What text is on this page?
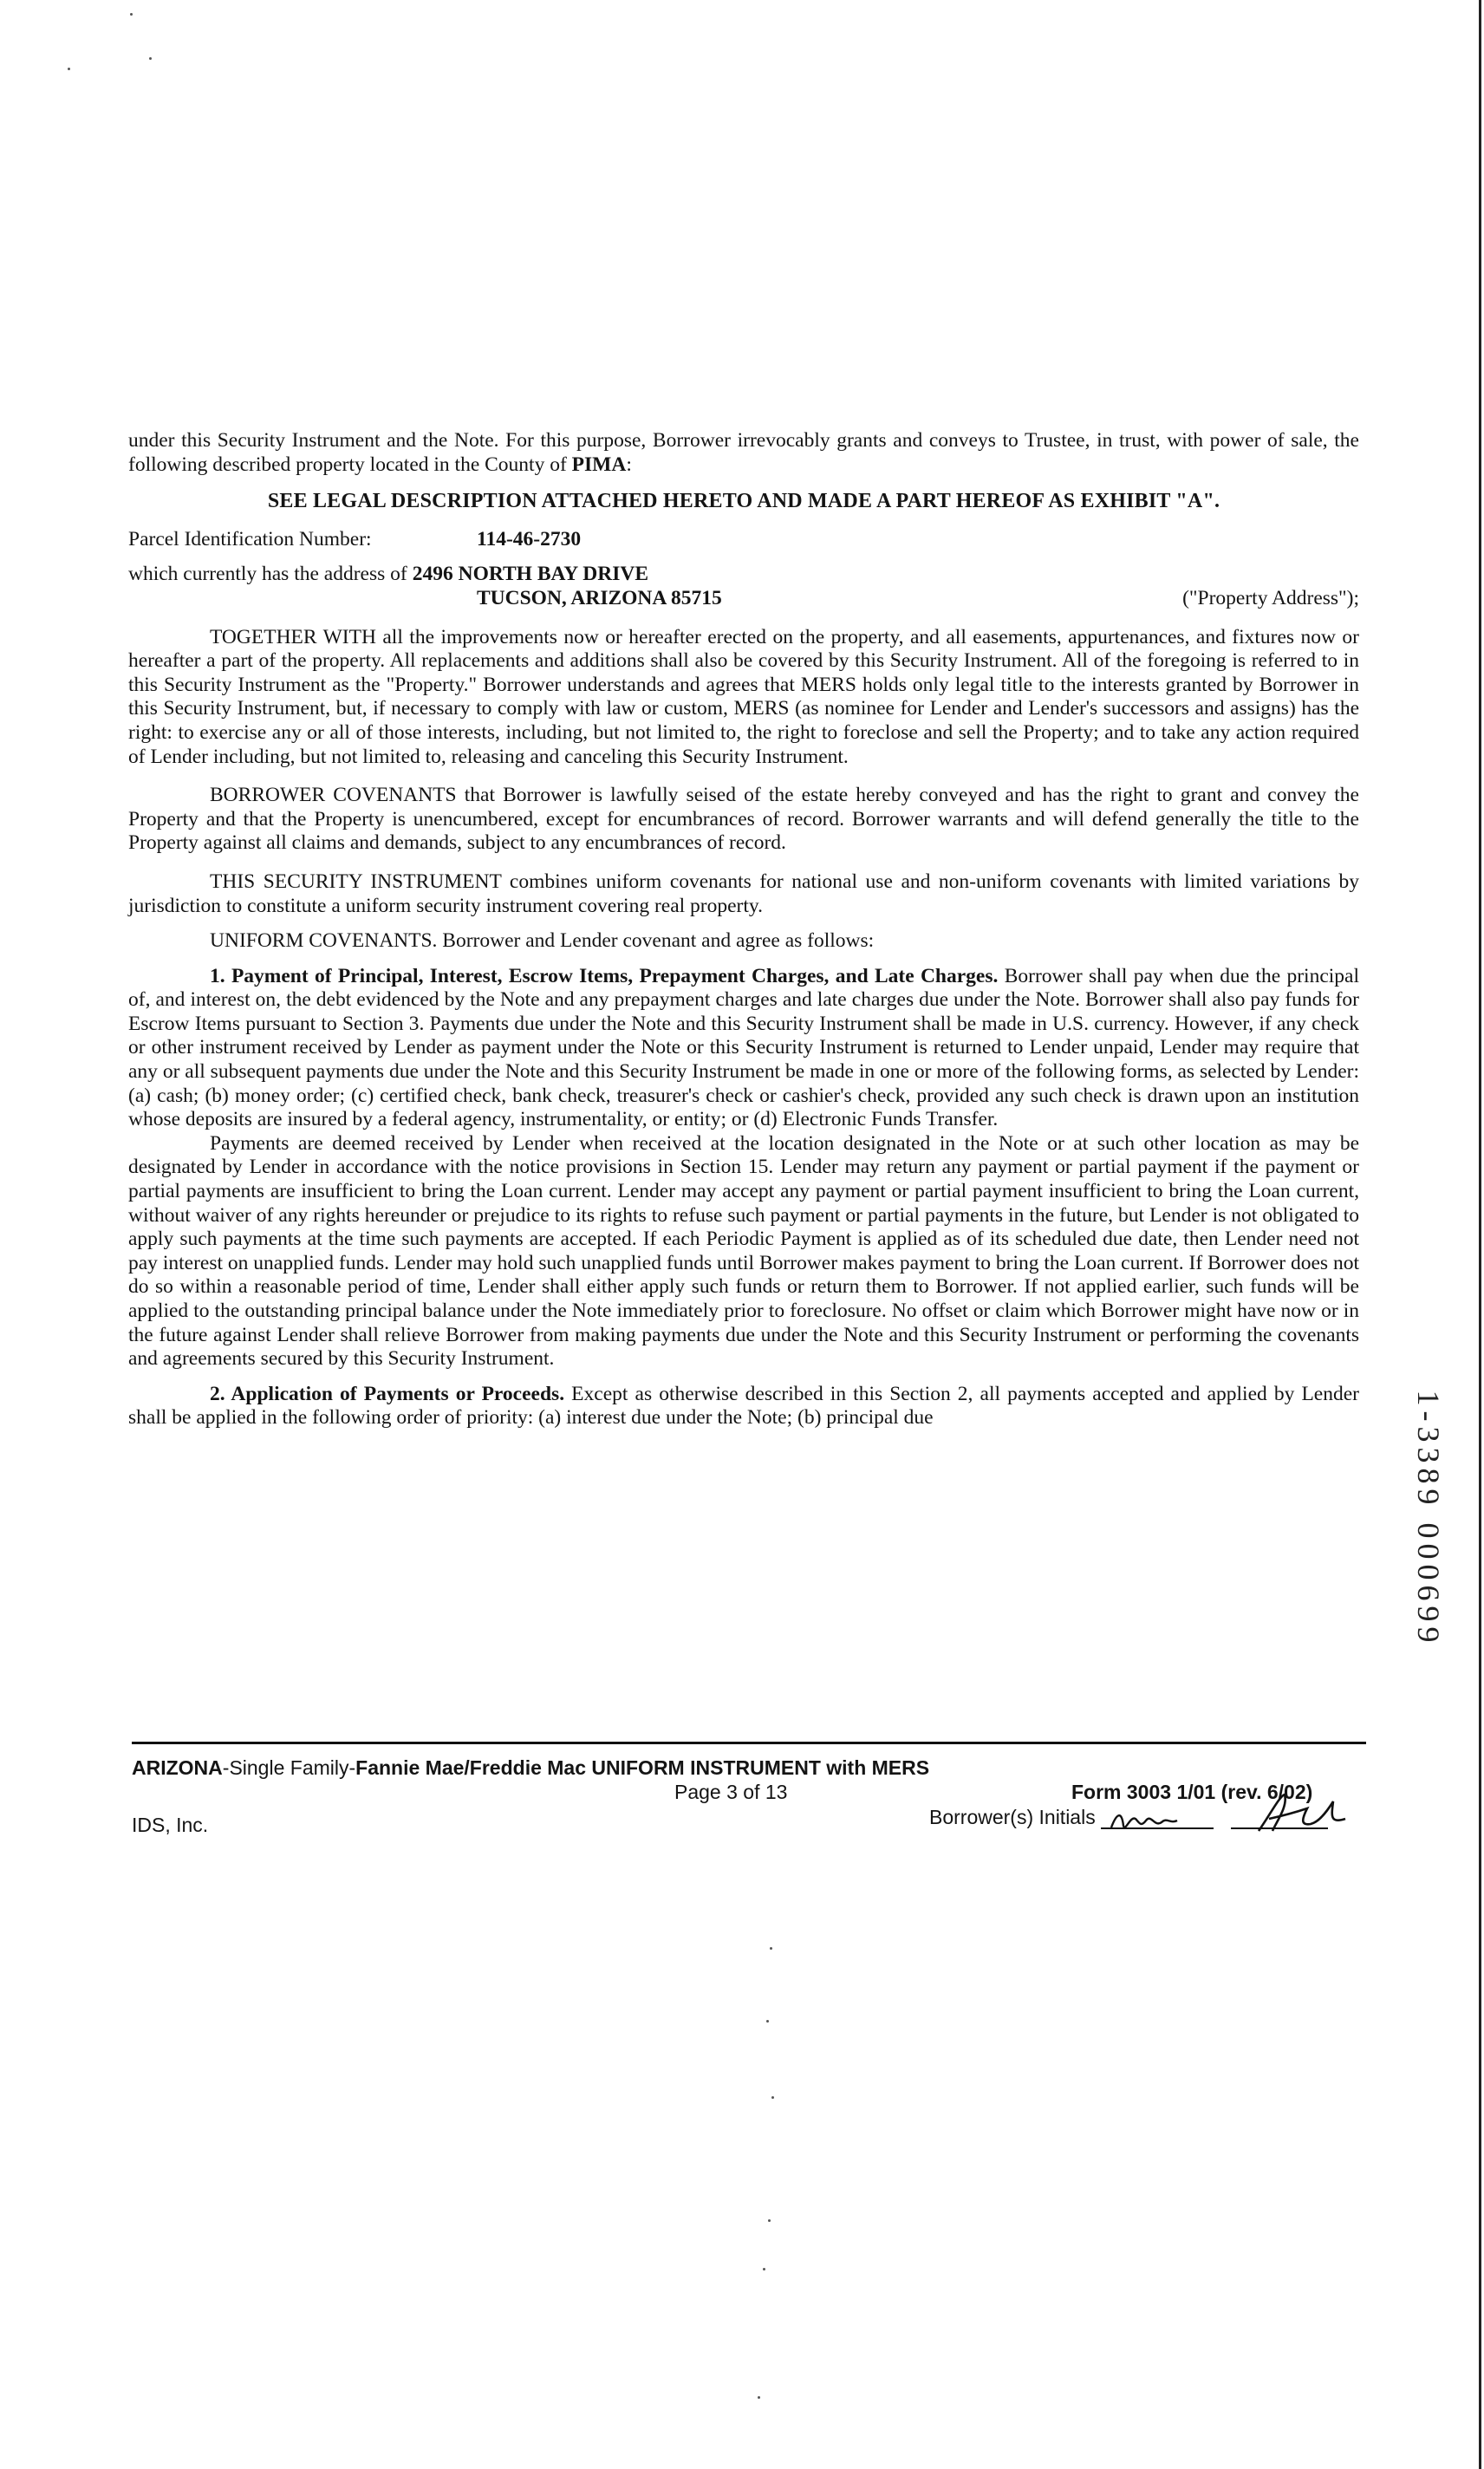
under this Security Instrument and the Note. For this purpose, Borrower irrevocably grants and conveys to Trustee, in trust, with power of sale, the following described property located in the County of PIMA:

SEE LEGAL DESCRIPTION ATTACHED HERETO AND MADE A PART HEREOF AS EXHIBIT "A".

Parcel Identification Number:	114-46-2730
which currently has the address of 2496 NORTH BAY DRIVE
TUCSON, ARIZONA 85715	("Property Address");

TOGETHER WITH all the improvements now or hereafter erected on the property, and all easements, appurtenances, and fixtures now or hereafter a part of the property. All replacements and additions shall also be covered by this Security Instrument. All of the foregoing is referred to in this Security Instrument as the "Property." Borrower understands and agrees that MERS holds only legal title to the interests granted by Borrower in this Security Instrument, but, if necessary to comply with law or custom, MERS (as nominee for Lender and Lender's successors and assigns) has the right: to exercise any or all of those interests, including, but not limited to, the right to foreclose and sell the Property; and to take any action required of Lender including, but not limited to, releasing and canceling this Security Instrument.

BORROWER COVENANTS that Borrower is lawfully seised of the estate hereby conveyed and has the right to grant and convey the Property and that the Property is unencumbered, except for encumbrances of record. Borrower warrants and will defend generally the title to the Property against all claims and demands, subject to any encumbrances of record.

THIS SECURITY INSTRUMENT combines uniform covenants for national use and non-uniform covenants with limited variations by jurisdiction to constitute a uniform security instrument covering real property.

UNIFORM COVENANTS. Borrower and Lender covenant and agree as follows:

1. Payment of Principal, Interest, Escrow Items, Prepayment Charges, and Late Charges. Borrower shall pay when due the principal of, and interest on, the debt evidenced by the Note and any prepayment charges and late charges due under the Note. Borrower shall also pay funds for Escrow Items pursuant to Section 3. Payments due under the Note and this Security Instrument shall be made in U.S. currency. However, if any check or other instrument received by Lender as payment under the Note or this Security Instrument is returned to Lender unpaid, Lender may require that any or all subsequent payments due under the Note and this Security Instrument be made in one or more of the following forms, as selected by Lender: (a) cash; (b) money order; (c) certified check, bank check, treasurer's check or cashier's check, provided any such check is drawn upon an institution whose deposits are insured by a federal agency, instrumentality, or entity; or (d) Electronic Funds Transfer.

Payments are deemed received by Lender when received at the location designated in the Note or at such other location as may be designated by Lender in accordance with the notice provisions in Section 15. Lender may return any payment or partial payment if the payment or partial payments are insufficient to bring the Loan current. Lender may accept any payment or partial payment insufficient to bring the Loan current, without waiver of any rights hereunder or prejudice to its rights to refuse such payment or partial payments in the future, but Lender is not obligated to apply such payments at the time such payments are accepted. If each Periodic Payment is applied as of its scheduled due date, then Lender need not pay interest on unapplied funds. Lender may hold such unapplied funds until Borrower makes payment to bring the Loan current. If Borrower does not do so within a reasonable period of time, Lender shall either apply such funds or return them to Borrower. If not applied earlier, such funds will be applied to the outstanding principal balance under the Note immediately prior to foreclosure. No offset or claim which Borrower might have now or in the future against Lender shall relieve Borrower from making payments due under the Note and this Security Instrument or performing the covenants and agreements secured by this Security Instrument.

2. Application of Payments or Proceeds. Except as otherwise described in this Section 2, all payments accepted and applied by Lender shall be applied in the following order of priority: (a) interest due under the Note; (b) principal due

ARIZONA-Single Family-Fannie Mae/Freddie Mac UNIFORM INSTRUMENT with MERS
Page 3 of 13	Form 3003 1/01 (rev. 6/02)
IDS, Inc.	Borrower(s) Initials
1-3389 000699
